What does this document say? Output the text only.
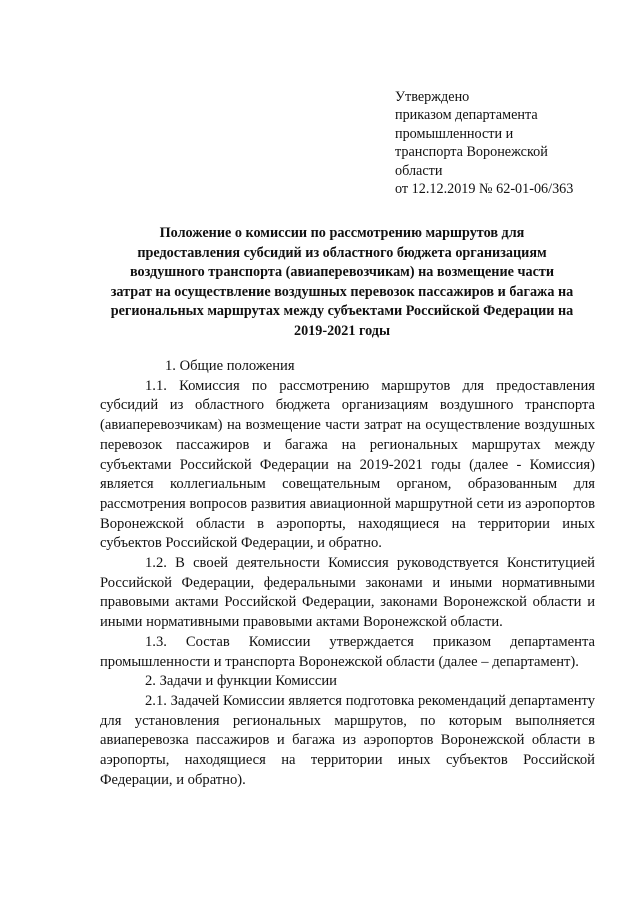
Утверждено
приказом департамента
промышленности и
транспорта Воронежской
области
от 12.12.2019 № 62-01-06/363
Положение о комиссии по рассмотрению маршрутов для
предоставления субсидий из областного бюджета организациям
воздушного транспорта (авиаперевозчикам) на возмещение части
затрат на осуществление воздушных перевозок пассажиров и багажа на
региональных маршрутах между субъектами Российской Федерации на
2019-2021 годы
1. Общие положения

1.1. Комиссия по рассмотрению маршрутов для предоставления субсидий из областного бюджета организациям воздушного транспорта (авиаперевозчикам) на возмещение части затрат на осуществление воздушных перевозок пассажиров и багажа на региональных маршрутах между субъектами Российской Федерации на 2019-2021 годы (далее - Комиссия) является коллегиальным совещательным органом, образованным для рассмотрения вопросов развития авиационной маршрутной сети из аэропортов Воронежской области в аэропорты, находящиеся на территории иных субъектов Российской Федерации, и обратно.

1.2. В своей деятельности Комиссия руководствуется Конституцией Российской Федерации, федеральными законами и иными нормативными правовыми актами Российской Федерации, законами Воронежской области и иными нормативными правовыми актами Воронежской области.

1.3. Состав Комиссии утверждается приказом департамента промышленности и транспорта Воронежской области (далее – департамент).

2. Задачи и функции Комиссии

2.1. Задачей Комиссии является подготовка рекомендаций департаменту для установления региональных маршрутов, по которым выполняется авиаперевозка пассажиров и багажа из аэропортов Воронежской области в аэропорты, находящиеся на территории иных субъектов Российской Федерации, и обратно).
